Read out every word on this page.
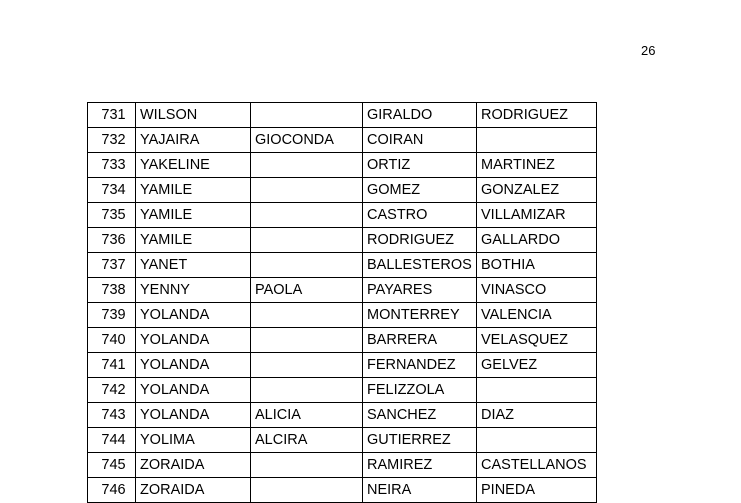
26
731	WILSON		GIRALDO	RODRIGUEZ
732	YAJAIRA	GIOCONDA	COIRAN	
733	YAKELINE		ORTIZ	MARTINEZ
734	YAMILE		GOMEZ	GONZALEZ
735	YAMILE		CASTRO	VILLAMIZAR
736	YAMILE		RODRIGUEZ	GALLARDO
737	YANET		BALLESTEROS	BOTHIA
738	YENNY	PAOLA	PAYARES	VINASCO
739	YOLANDA		MONTERREY	VALENCIA
740	YOLANDA		BARRERA	VELASQUEZ
741	YOLANDA		FERNANDEZ	GELVEZ
742	YOLANDA		FELIZZOLA	
743	YOLANDA	ALICIA	SANCHEZ	DIAZ
744	YOLIMA	ALCIRA	GUTIERREZ	
745	ZORAIDA		RAMIREZ	CASTELLANOS
746	ZORAIDA		NEIRA	PINEDA
